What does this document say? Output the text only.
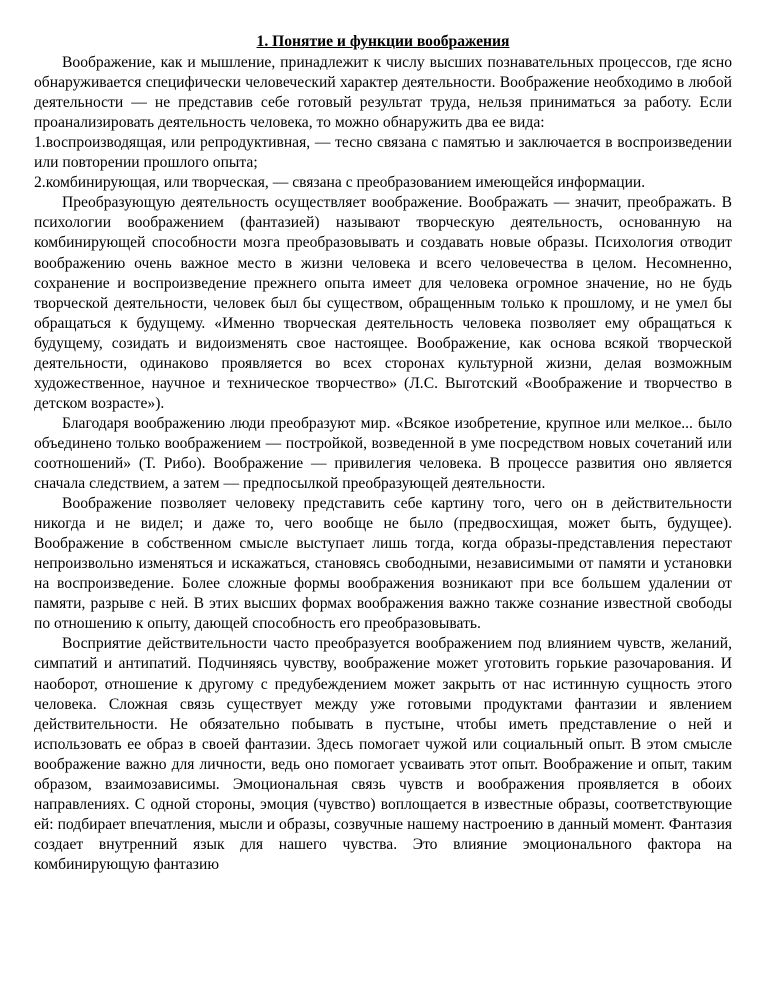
1. Понятие и функции воображения

Воображение, как и мышление, принадлежит к числу высших познавательных процессов, где ясно обнаруживается специфически человеческий характер деятельности. Воображение необходимо в любой деятельности — не представив себе готовый результат труда, нельзя приниматься за работу. Если проанализировать деятельность человека, то можно обнаружить два ее вида:

1.воспроизводящая, или репродуктивная, — тесно связана с памятью и заключается в воспроизведении или повторении прошлого опыта;
2.комбинирующая, или творческая, — связана с преобразованием имеющейся информации.

Преобразующую деятельность осуществляет воображение. Воображать — значит, преображать. В психологии воображением (фантазией) называют творческую деятельность, основанную на комбинирующей способности мозга преобразовывать и создавать новые образы. Психология отводит воображению очень важное место в жизни человека и всего человечества в целом. Несомненно, сохранение и воспроизведение прежнего опыта имеет для человека огромное значение, но не будь творческой деятельности, человек был бы существом, обращенным только к прошлому, и не умел бы обращаться к будущему. «Именно творческая деятельность человека позволяет ему обращаться к будущему, созидать и видоизменять свое настоящее. Воображение, как основа всякой творческой деятельности, одинаково проявляется во всех сторонах культурной жизни, делая возможным художественное, научное и техническое творчество» (Л.С. Выготский «Воображение и творчество в детском возрасте»).

Благодаря воображению люди преобразуют мир. «Всякое изобретение, крупное или мелкое... было объединено только воображением — постройкой, возведенной в уме посредством новых сочетаний или соотношений» (Т. Рибо). Воображение — привилегия человека. В процессе развития оно является сначала следствием, а затем — предпосылкой преобразующей деятельности.

Воображение позволяет человеку представить себе картину того, чего он в действительности никогда и не видел; и даже то, чего вообще не было (предвосхищая, может быть, будущее). Воображение в собственном смысле выступает лишь тогда, когда образы-представления перестают непроизвольно изменяться и искажаться, становясь свободными, независимыми от памяти и установки на воспроизведение. Более сложные формы воображения возникают при все большем удалении от памяти, разрыве с ней. В этих высших формах воображения важно также сознание известной свободы по отношению к опыту, дающей способность его преобразовывать.

Восприятие действительности часто преобразуется воображением под влиянием чувств, желаний, симпатий и антипатий. Подчиняясь чувству, воображение может уготовить горькие разочарования. И наоборот, отношение к другому с предубеждением может закрыть от нас истинную сущность этого человека. Сложная связь существует между уже готовыми продуктами фантазии и явлением действительности. Не обязательно побывать в пустыне, чтобы иметь представление о ней и использовать ее образ в своей фантазии. Здесь помогает чужой или социальный опыт. В этом смысле воображение важно для личности, ведь оно помогает усваивать этот опыт. Воображение и опыт, таким образом, взаимозависимы. Эмоциональная связь чувств и воображения проявляется в обоих направлениях. С одной стороны, эмоция (чувство) воплощается в известные образы, соответствующие ей: подбирает впечатления, мысли и образы, созвучные нашему настроению в данный момент. Фантазия создает внутренний язык для нашего чувства. Это влияние эмоционального фактора на комбинирующую фантазию
